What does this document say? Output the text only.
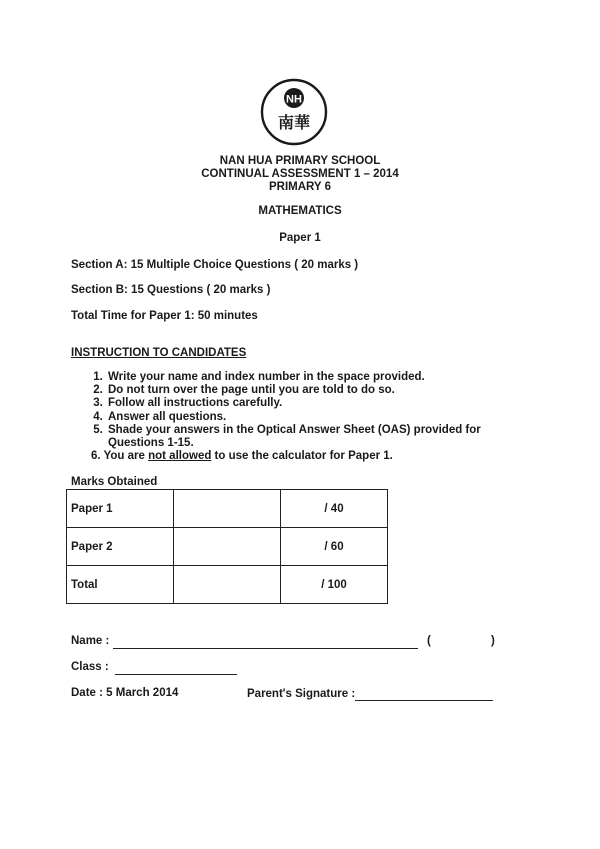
NH
南華
NAN HUA PRIMARY SCHOOL
CONTINUAL ASSESSMENT 1 – 2014
PRIMARY 6
MATHEMATICS
Paper 1
Section A: 15 Multiple Choice Questions ( 20 marks )
Section B: 15 Questions ( 20 marks )
Total Time for Paper 1: 50 minutes
INSTRUCTION TO CANDIDATES
1. Write your name and index number in the space provided.
2. Do not turn over the page until you are told to do so.
3. Follow all instructions carefully.
4. Answer all questions.
5. Shade your answers in the Optical Answer Sheet (OAS) provided for Questions 1-15.
6. You are not allowed to use the calculator for Paper 1.
Marks Obtained
Paper 1		/ 40
Paper 2		/ 60
Total		/ 100
Name :	(	)
Class :
Date : 5 March 2014	Parent's Signature :
